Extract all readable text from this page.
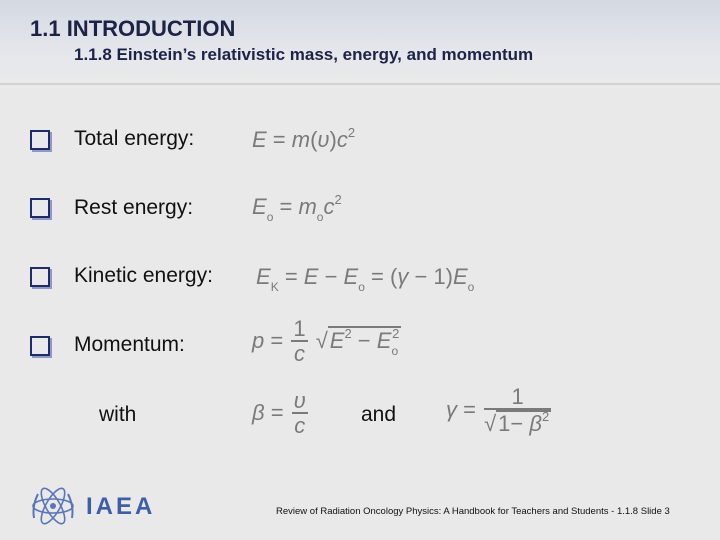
1.1 INTRODUCTION
1.1.8 Einstein’s relativistic mass, energy, and momentum
Total energy:	$E = m(\upsilon)c^2$
Rest energy:	$E_o = m_oc^2$
Kinetic energy: $E_K = E - E_o = (\gamma - 1)E_o$
Momentum:	$p = \frac{1}{c} √E^2 - E_o^2$
with	$\beta = \frac{\upsilon}{c}$	and $\gamma = \frac{1}{√1- \beta^2}$
IAEA	Review of Radiation Oncology Physics: A Handbook for Teachers and Students - 1.1.8 Slide 3
